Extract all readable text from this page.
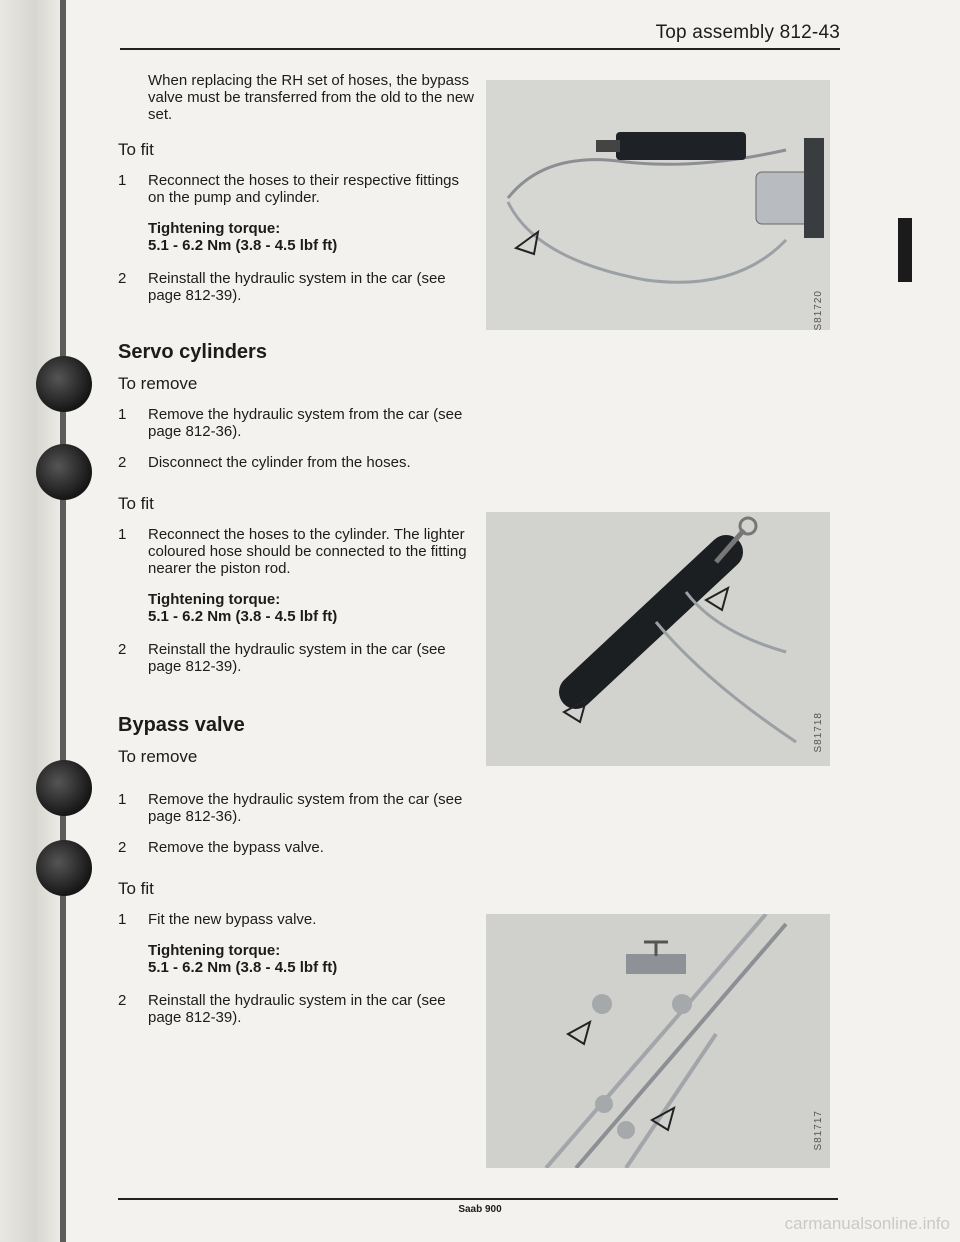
Top assembly 812-43

When replacing the RH set of hoses, the bypass valve must be transferred from the old to the new set.

To fit
1	Reconnect the hoses to their respective fittings on the pump and cylinder.
Tightening torque:
5.1 - 6.2 Nm (3.8 - 4.5 lbf ft)
2	Reinstall the hydraulic system in the car (see page 812-39).
Servo cylinders
To remove
1	Remove the hydraulic system from the car (see page 812-36).
2	Disconnect the cylinder from the hoses.
To fit
1	Reconnect the hoses to the cylinder. The lighter coloured hose should be connected to the fitting nearer the piston rod.
Tightening torque:
5.1 - 6.2 Nm (3.8 - 4.5 lbf ft)
2	Reinstall the hydraulic system in the car (see page 812-39).
Bypass valve
To remove
1	Remove the hydraulic system from the car (see page 812-36).
2	Remove the bypass valve.
To fit
1	Fit the new bypass valve.
Tightening torque:
5.1 - 6.2 Nm (3.8 - 4.5 lbf ft)
2	Reinstall the hydraulic system in the car (see page 812-39).
S81720
S81718
S81717
Saab 900
carmanualsonline.info
